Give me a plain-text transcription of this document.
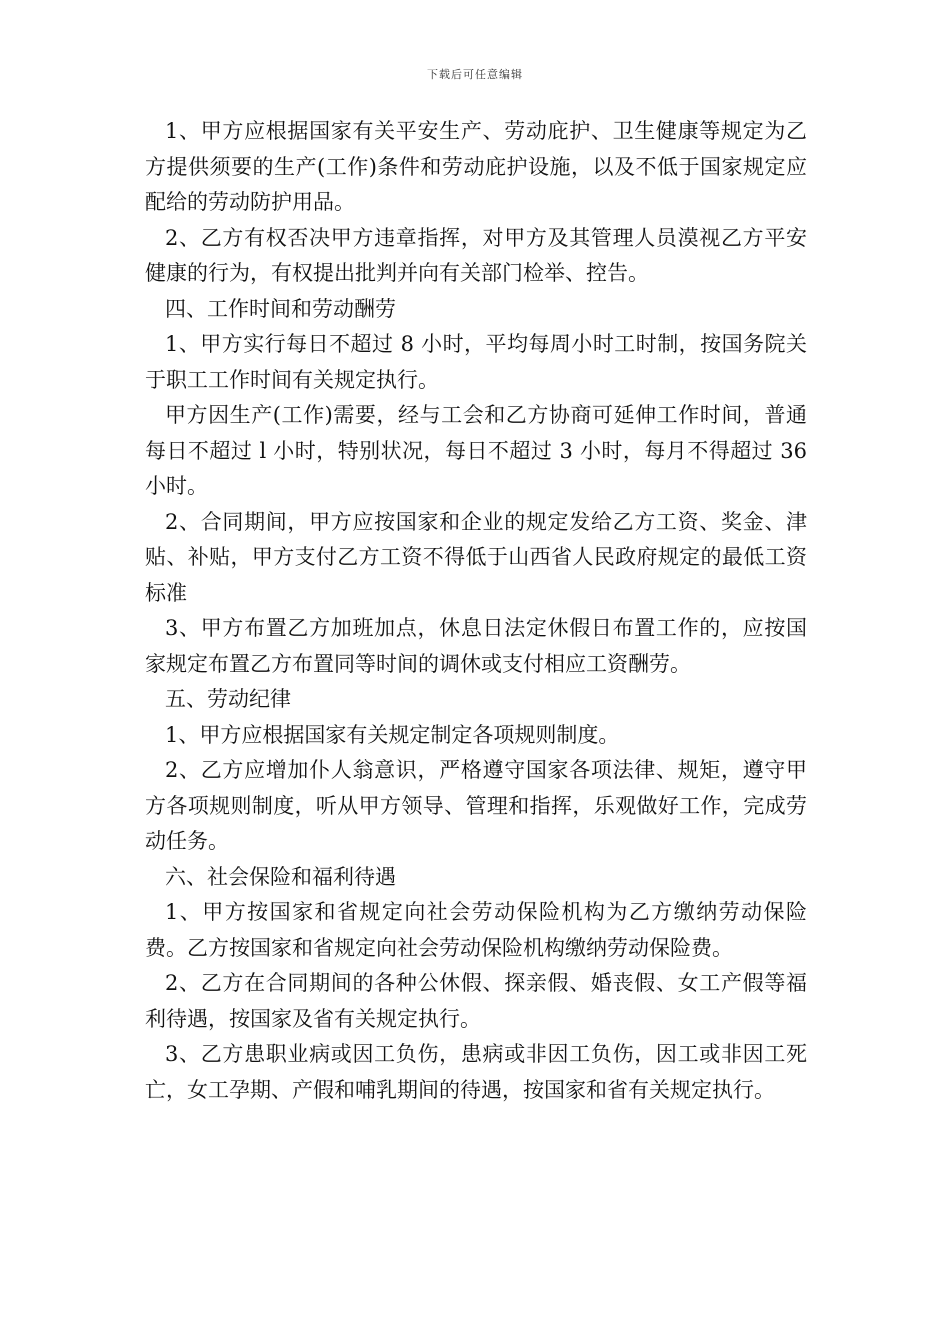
下载后可任意编辑

1、甲方应根据国家有关平安生产、劳动庇护、卫生健康等规定为乙方提供须要的生产(工作)条件和劳动庇护设施，以及不低于国家规定应配给的劳动防护用品。

2、乙方有权否决甲方违章指挥，对甲方及其管理人员漠视乙方平安健康的行为，有权提出批判并向有关部门检举、控告。

四、工作时间和劳动酬劳

1、甲方实行每日不超过 8 小时，平均每周小时工时制，按国务院关于职工工作时间有关规定执行。

甲方因生产(工作)需要，经与工会和乙方协商可延伸工作时间，普通每日不超过 l 小时，特别状况，每日不超过 3 小时，每月不得超过 36 小时。

2、合同期间，甲方应按国家和企业的规定发给乙方工资、奖金、津贴、补贴，甲方支付乙方工资不得低于山西省人民政府规定的最低工资标准

3、甲方布置乙方加班加点，休息日法定休假日布置工作的，应按国家规定布置乙方布置同等时间的调休或支付相应工资酬劳。

五、劳动纪律

1、甲方应根据国家有关规定制定各项规则制度。

2、乙方应增加仆人翁意识，严格遵守国家各项法律、规矩，遵守甲方各项规则制度，听从甲方领导、管理和指挥，乐观做好工作，完成劳动任务。

六、社会保险和福利待遇

1、甲方按国家和省规定向社会劳动保险机构为乙方缴纳劳动保险费。乙方按国家和省规定向社会劳动保险机构缴纳劳动保险费。

2、乙方在合同期间的各种公休假、探亲假、婚丧假、女工产假等福利待遇，按国家及省有关规定执行。

3、乙方患职业病或因工负伤，患病或非因工负伤，因工或非因工死亡，女工孕期、产假和哺乳期间的待遇，按国家和省有关规定执行。
